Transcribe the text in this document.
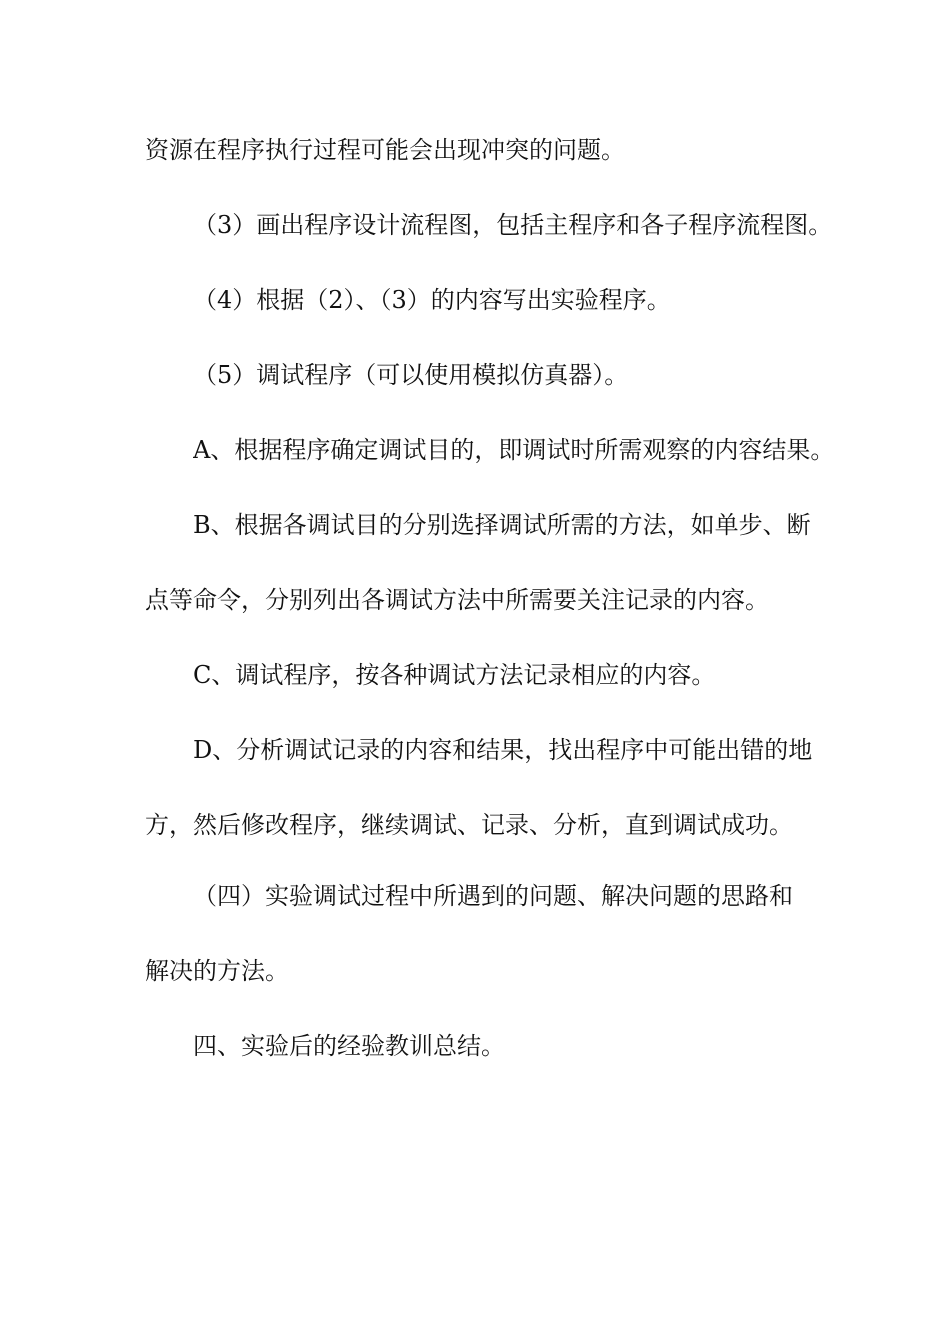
资源在程序执行过程可能会出现冲突的问题。
（3）画出程序设计流程图，包括主程序和各子程序流程图。
（4）根据（2）、（3）的内容写出实验程序。
（5）调试程序（可以使用模拟仿真器）。
A、根据程序确定调试目的，即调试时所需观察的内容结果。
B、根据各调试目的分别选择调试所需的方法，如单步、断
点等命令，分别列出各调试方法中所需要关注记录的内容。
C、调试程序，按各种调试方法记录相应的内容。
D、分析调试记录的内容和结果，找出程序中可能出错的地
方，然后修改程序，继续调试、记录、分析，直到调试成功。
（四）实验调试过程中所遇到的问题、解决问题的思路和
解决的方法。
四、实验后的经验教训总结。
